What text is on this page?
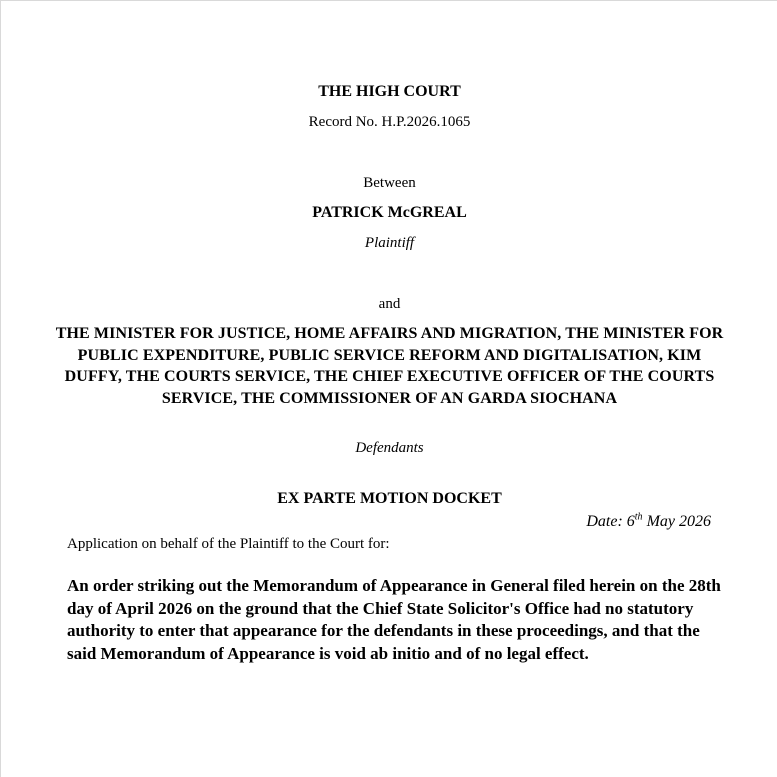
THE HIGH COURT
Record No. H.P.2026.1065
Between
PATRICK McGREAL
Plaintiff
and
THE MINISTER FOR JUSTICE, HOME AFFAIRS AND MIGRATION, THE MINISTER FOR PUBLIC EXPENDITURE, PUBLIC SERVICE REFORM AND DIGITALISATION, KIM DUFFY, THE COURTS SERVICE, THE CHIEF EXECUTIVE OFFICER OF THE COURTS SERVICE, THE COMMISSIONER OF AN GARDA SIOCHANA
Defendants
EX PARTE MOTION DOCKET
Date: 6th May 2026
Application on behalf of the Plaintiff to the Court for:
An order striking out the Memorandum of Appearance in General filed herein on the 28th day of April 2026 on the ground that the Chief State Solicitor's Office had no statutory authority to enter that appearance for the defendants in these proceedings, and that the said Memorandum of Appearance is void ab initio and of no legal effect.
